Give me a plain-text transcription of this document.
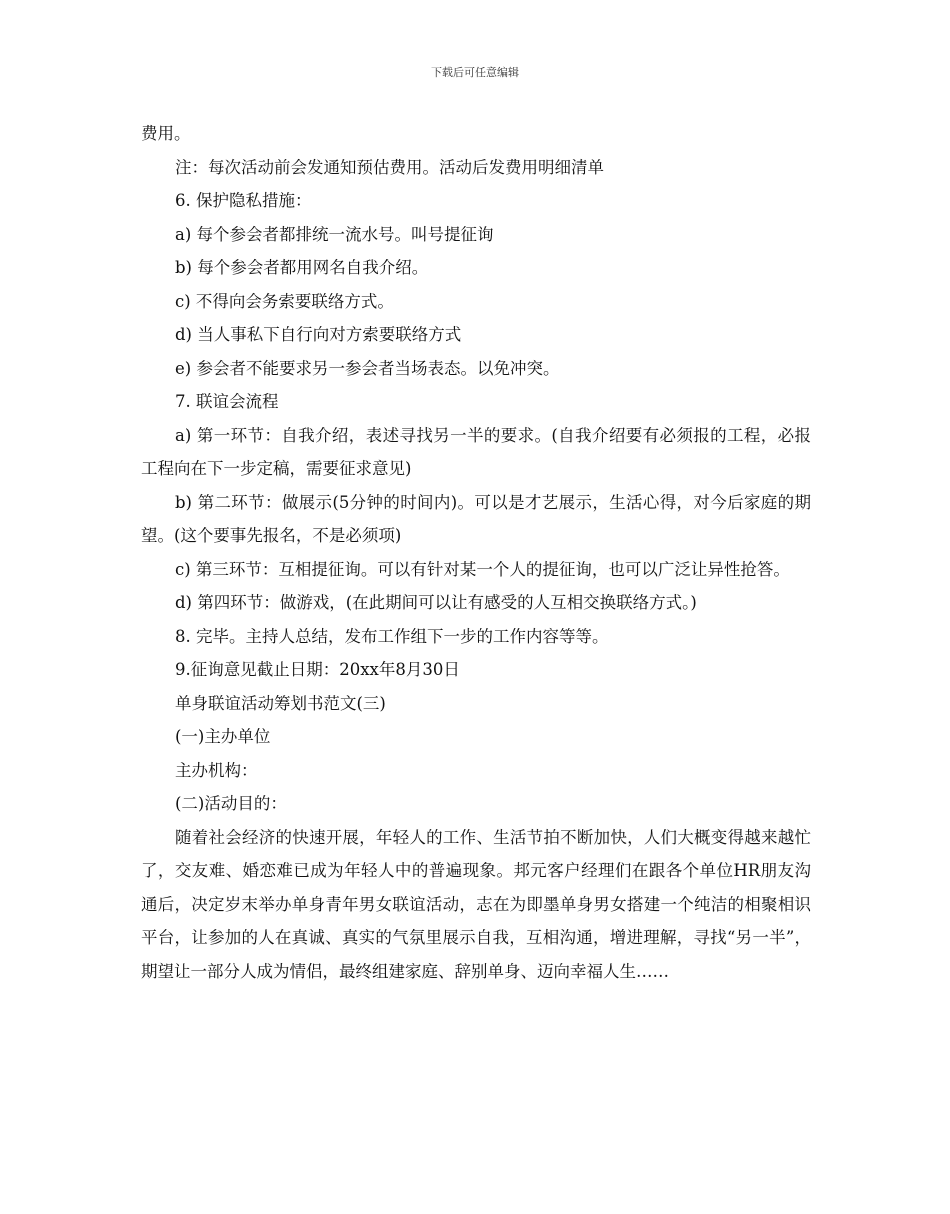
下载后可任意编辑

费用。

注：每次活动前会发通知预估费用。活动后发费用明细清单

6. 保护隐私措施：

a) 每个参会者都排统一流水号。叫号提征询

b) 每个参会者都用网名自我介绍。

c) 不得向会务索要联络方式。

d) 当人事私下自行向对方索要联络方式

e) 参会者不能要求另一参会者当场表态。以免冲突。

7. 联谊会流程

a) 第一环节：自我介绍，表述寻找另一半的要求。(自我介绍要有必须报的工程，必报工程向在下一步定稿，需要征求意见)

b) 第二环节：做展示(5分钟的时间内)。可以是才艺展示，生活心得，对今后家庭的期望。(这个要事先报名，不是必须项)

c) 第三环节：互相提征询。可以有针对某一个人的提征询，也可以广泛让异性抢答。

d) 第四环节：做游戏，(在此期间可以让有感受的人互相交换联络方式。)

8. 完毕。主持人总结，发布工作组下一步的工作内容等等。

9.征询意见截止日期：20xx年8月30日

单身联谊活动筹划书范文(三)

(一)主办单位

主办机构：

(二)活动目的：

随着社会经济的快速开展，年轻人的工作、生活节拍不断加快，人们大概变得越来越忙了，交友难、婚恋难已成为年轻人中的普遍现象。邦元客户经理们在跟各个单位HR朋友沟通后，决定岁末举办单身青年男女联谊活动，志在为即墨单身男女搭建一个纯洁的相聚相识平台，让参加的人在真诚、真实的气氛里展示自我，互相沟通，增进理解，寻找“另一半”，期望让一部分人成为情侣，最终组建家庭、辞别单身、迈向幸福人生……
